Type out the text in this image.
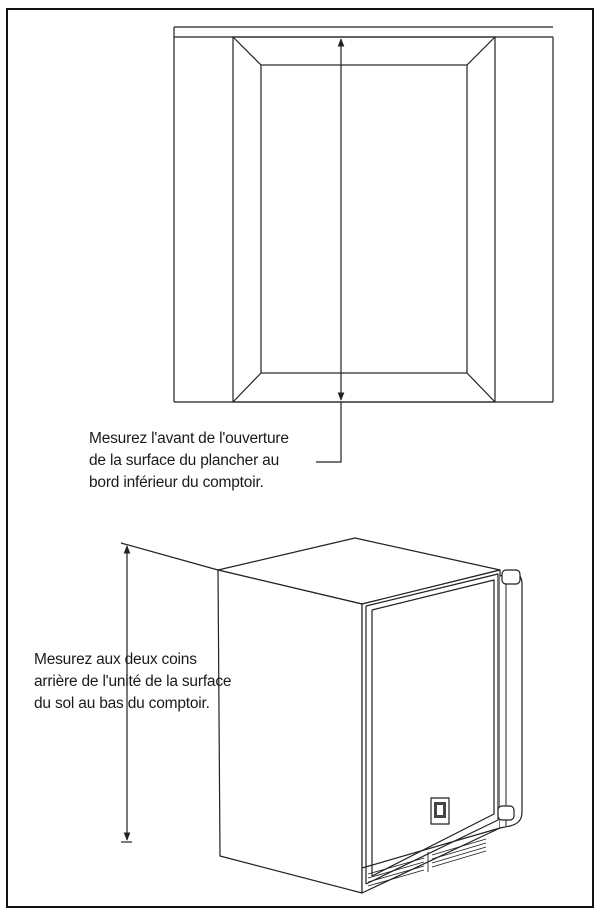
Mesurez l'avant de l'ouverture
de la surface du plancher au
bord inférieur du comptoir.
Mesurez aux deux coins
arrière de l'unité de la surface
du sol au bas du comptoir.
